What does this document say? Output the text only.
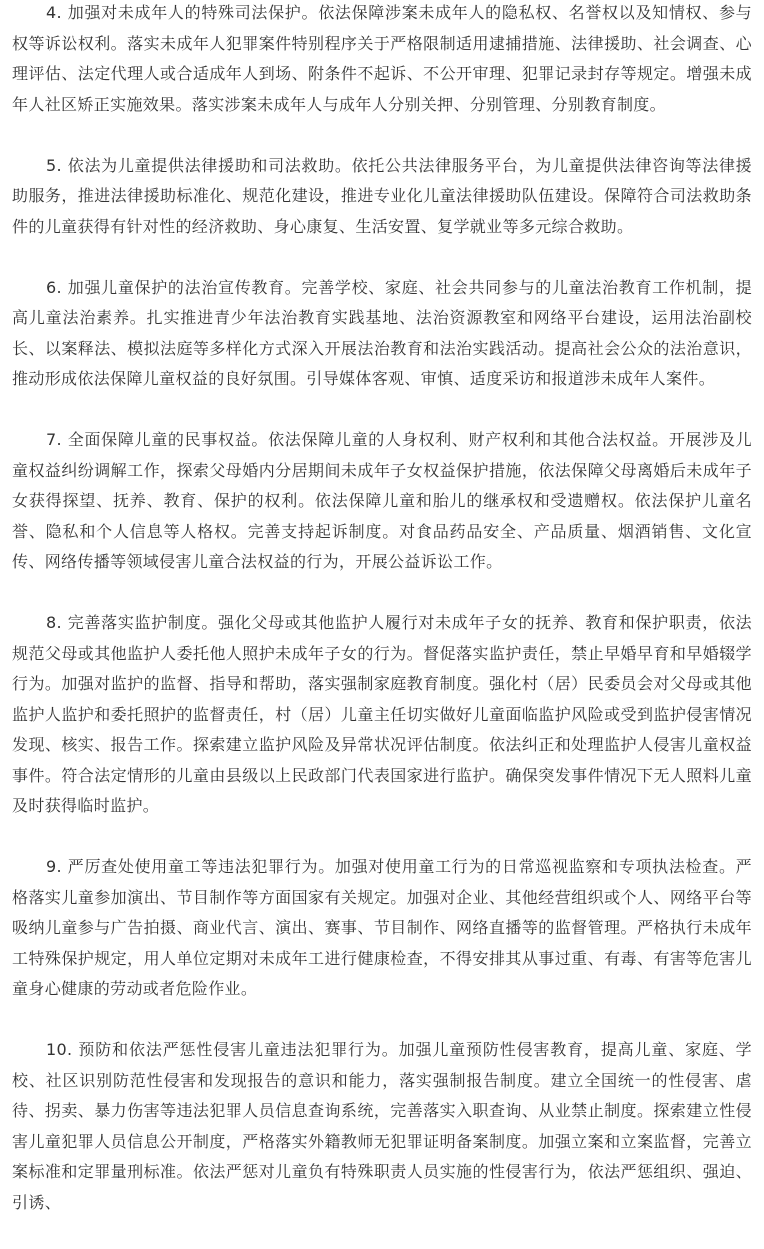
4. 加强对未成年人的特殊司法保护。依法保障涉案未成年人的隐私权、名誉权以及知情权、参与权等诉讼权利。落实未成年人犯罪案件特别程序关于严格限制适用逮捕措施、法律援助、社会调查、心理评估、法定代理人或合适成年人到场、附条件不起诉、不公开审理、犯罪记录封存等规定。增强未成年人社区矫正实施效果。落实涉案未成年人与成年人分别关押、分别管理、分别教育制度。

5. 依法为儿童提供法律援助和司法救助。依托公共法律服务平台，为儿童提供法律咨询等法律援助服务，推进法律援助标准化、规范化建设，推进专业化儿童法律援助队伍建设。保障符合司法救助条件的儿童获得有针对性的经济救助、身心康复、生活安置、复学就业等多元综合救助。

6. 加强儿童保护的法治宣传教育。完善学校、家庭、社会共同参与的儿童法治教育工作机制，提高儿童法治素养。扎实推进青少年法治教育实践基地、法治资源教室和网络平台建设，运用法治副校长、以案释法、模拟法庭等多样化方式深入开展法治教育和法治实践活动。提高社会公众的法治意识，推动形成依法保障儿童权益的良好氛围。引导媒体客观、审慎、适度采访和报道涉未成年人案件。

7. 全面保障儿童的民事权益。依法保障儿童的人身权利、财产权利和其他合法权益。开展涉及儿童权益纠纷调解工作，探索父母婚内分居期间未成年子女权益保护措施，依法保障父母离婚后未成年子女获得探望、抚养、教育、保护的权利。依法保障儿童和胎儿的继承权和受遗赠权。依法保护儿童名誉、隐私和个人信息等人格权。完善支持起诉制度。对食品药品安全、产品质量、烟酒销售、文化宣传、网络传播等领域侵害儿童合法权益的行为，开展公益诉讼工作。

8. 完善落实监护制度。强化父母或其他监护人履行对未成年子女的抚养、教育和保护职责，依法规范父母或其他监护人委托他人照护未成年子女的行为。督促落实监护责任，禁止早婚早育和早婚辍学行为。加强对监护的监督、指导和帮助，落实强制家庭教育制度。强化村（居）民委员会对父母或其他监护人监护和委托照护的监督责任，村（居）儿童主任切实做好儿童面临监护风险或受到监护侵害情况发现、核实、报告工作。探索建立监护风险及异常状况评估制度。依法纠正和处理监护人侵害儿童权益事件。符合法定情形的儿童由县级以上民政部门代表国家进行监护。确保突发事件情况下无人照料儿童及时获得临时监护。

9. 严厉查处使用童工等违法犯罪行为。加强对使用童工行为的日常巡视监察和专项执法检查。严格落实儿童参加演出、节目制作等方面国家有关规定。加强对企业、其他经营组织或个人、网络平台等吸纳儿童参与广告拍摄、商业代言、演出、赛事、节目制作、网络直播等的监督管理。严格执行未成年工特殊保护规定，用人单位定期对未成年工进行健康检查，不得安排其从事过重、有毒、有害等危害儿童身心健康的劳动或者危险作业。

10. 预防和依法严惩性侵害儿童违法犯罪行为。加强儿童预防性侵害教育，提高儿童、家庭、学校、社区识别防范性侵害和发现报告的意识和能力，落实强制报告制度。建立全国统一的性侵害、虐待、拐卖、暴力伤害等违法犯罪人员信息查询系统，完善落实入职查询、从业禁止制度。探索建立性侵害儿童犯罪人员信息公开制度，严格落实外籍教师无犯罪证明备案制度。加强立案和立案监督，完善立案标准和定罪量刑标准。依法严惩对儿童负有特殊职责人员实施的性侵害行为，依法严惩组织、强迫、引诱、
